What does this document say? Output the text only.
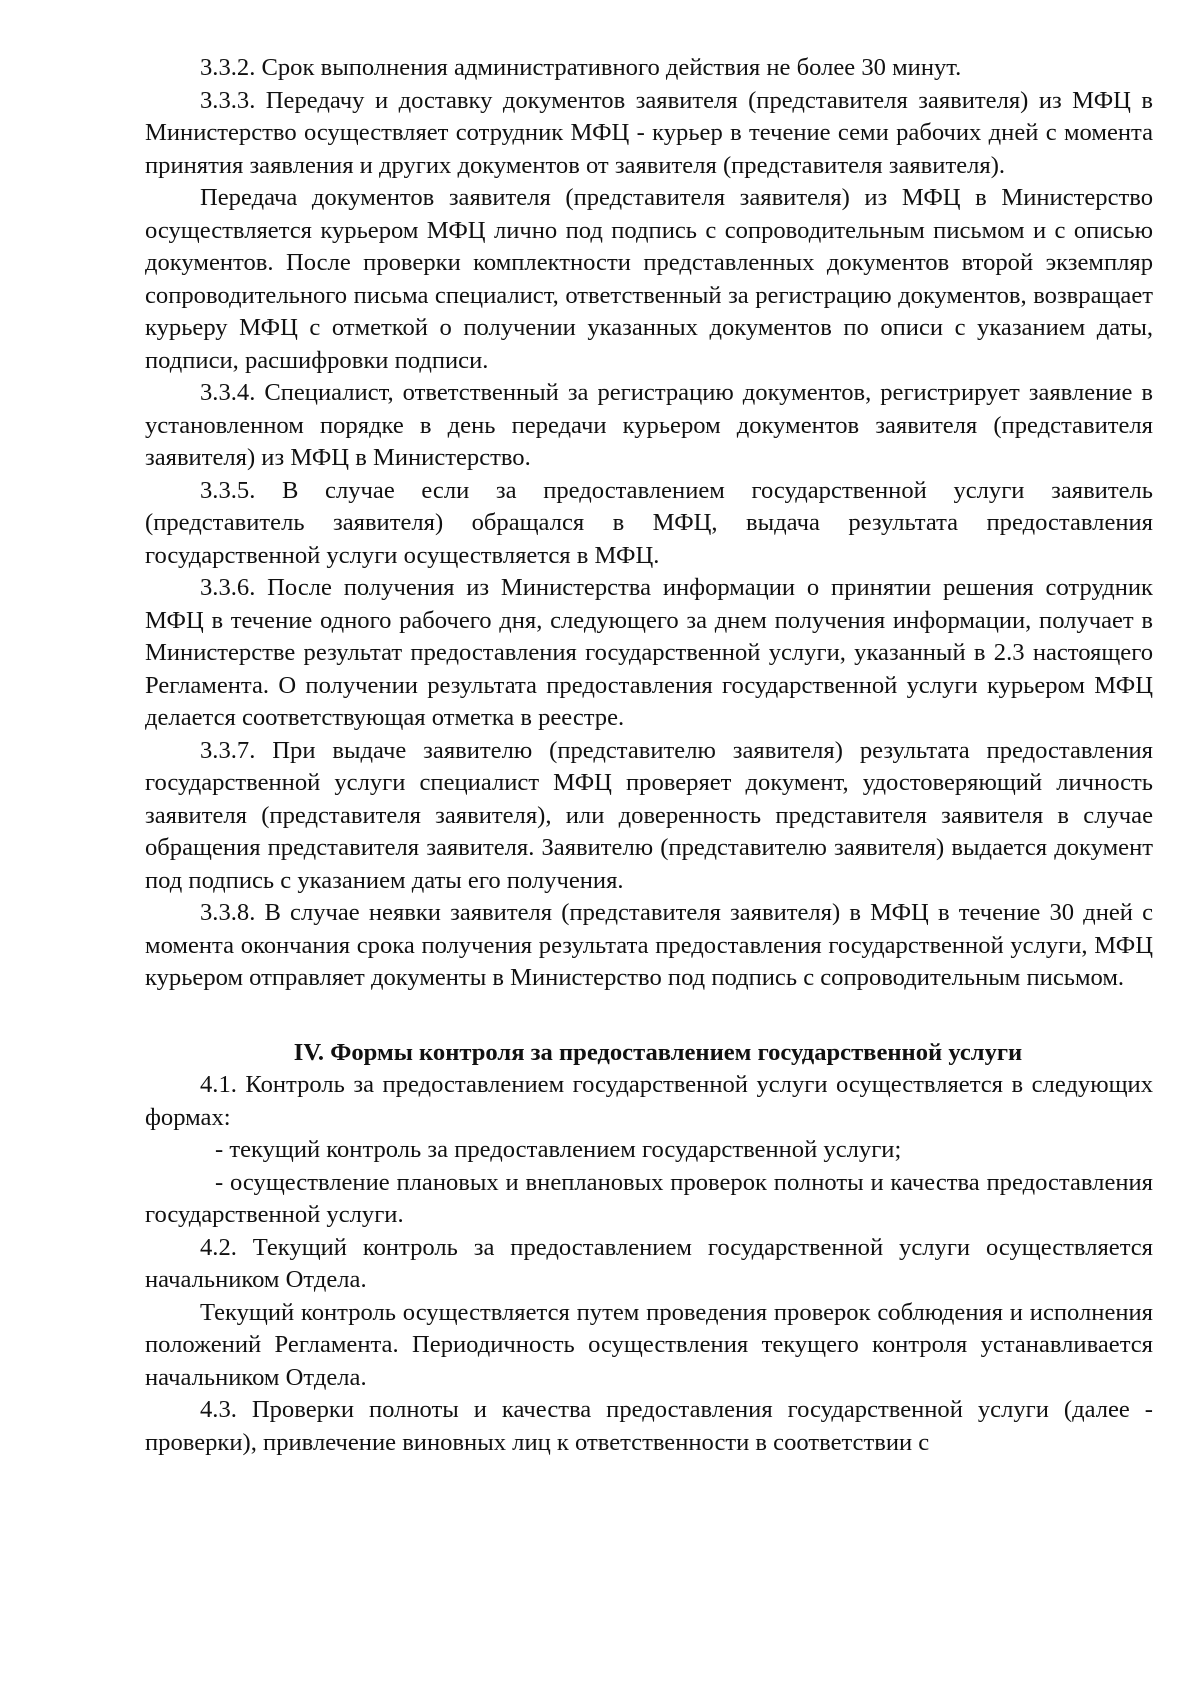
3.3.2. Срок выполнения административного действия не более 30 минут.

3.3.3. Передачу и доставку документов заявителя (представителя заявителя) из МФЦ в Министерство осуществляет сотрудник МФЦ - курьер в течение семи рабочих дней с момента принятия заявления и других документов от заявителя (представителя заявителя).

Передача документов заявителя (представителя заявителя) из МФЦ в Министерство осуществляется курьером МФЦ лично под подпись с сопроводительным письмом и с описью документов. После проверки комплектности представленных документов второй экземпляр сопроводительного письма специалист, ответственный за регистрацию документов, возвращает курьеру МФЦ с отметкой о получении указанных документов по описи с указанием даты, подписи, расшифровки подписи.

3.3.4. Специалист, ответственный за регистрацию документов, регистрирует заявление в установленном порядке в день передачи курьером документов заявителя (представителя заявителя) из МФЦ в Министерство.

3.3.5. В случае если за предоставлением государственной услуги заявитель (представитель заявителя) обращался в МФЦ, выдача результата предоставления государственной услуги осуществляется в МФЦ.

3.3.6. После получения из Министерства информации о принятии решения сотрудник МФЦ в течение одного рабочего дня, следующего за днем получения информации, получает в Министерстве результат предоставления государственной услуги, указанный в 2.3 настоящего Регламента. О получении результата предоставления государственной услуги курьером МФЦ делается соответствующая отметка в реестре.

3.3.7. При выдаче заявителю (представителю заявителя) результата предоставления государственной услуги специалист МФЦ проверяет документ, удостоверяющий личность заявителя (представителя заявителя), или доверенность представителя заявителя в случае обращения представителя заявителя. Заявителю (представителю заявителя) выдается документ под подпись с указанием даты его получения.

3.3.8. В случае неявки заявителя (представителя заявителя) в МФЦ в течение 30 дней с момента окончания срока получения результата предоставления государственной услуги, МФЦ курьером отправляет документы в Министерство под подпись с сопроводительным письмом.

IV. Формы контроля за предоставлением государственной услуги

4.1. Контроль за предоставлением государственной услуги осуществляется в следующих формах:

- текущий контроль за предоставлением государственной услуги;

- осуществление плановых и внеплановых проверок полноты и качества предоставления государственной услуги.

4.2. Текущий контроль за предоставлением государственной услуги осуществляется начальником Отдела.

Текущий контроль осуществляется путем проведения проверок соблюдения и исполнения положений Регламента. Периодичность осуществления текущего контроля устанавливается начальником Отдела.

4.3. Проверки полноты и качества предоставления государственной услуги (далее - проверки), привлечение виновных лиц к ответственности в соответствии с
